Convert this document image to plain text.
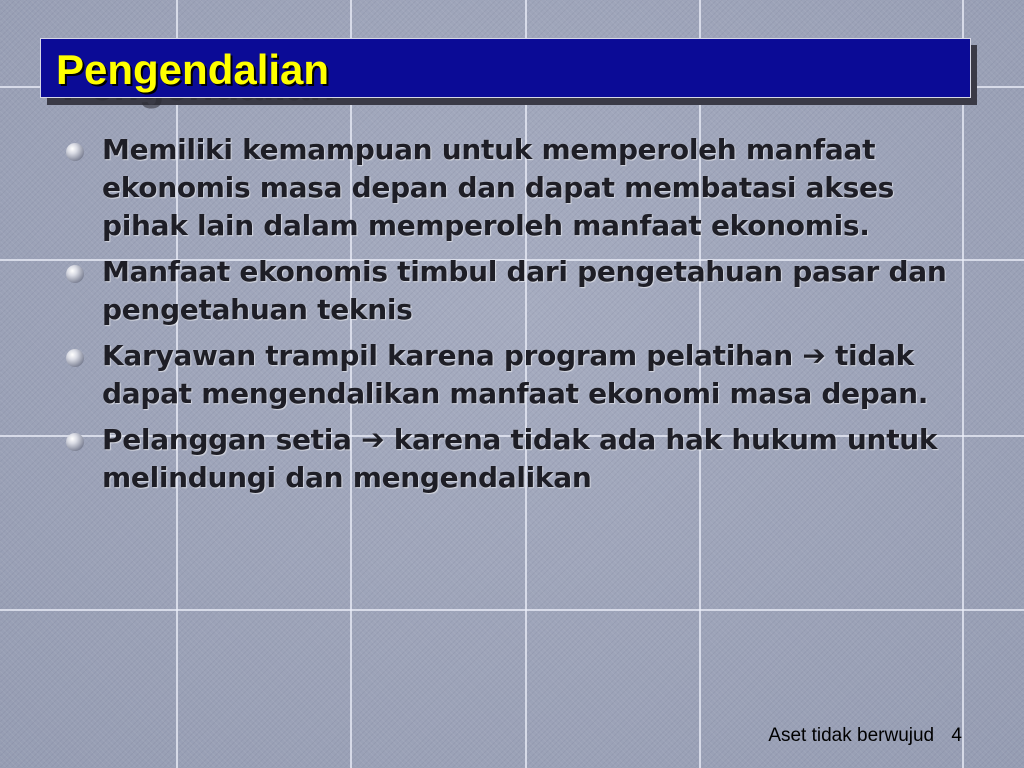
Pengendalian
Memiliki kemampuan untuk memperoleh manfaat ekonomis masa depan dan dapat membatasi akses pihak lain dalam memperoleh manfaat ekonomis.
Manfaat ekonomis timbul dari pengetahuan pasar dan pengetahuan teknis
Karyawan trampil karena program pelatihan ➔ tidak dapat mengendalikan manfaat ekonomi masa depan.
Pelanggan setia ➔ karena tidak ada hak hukum untuk melindungi dan mengendalikan
Aset tidak berwujud 4
